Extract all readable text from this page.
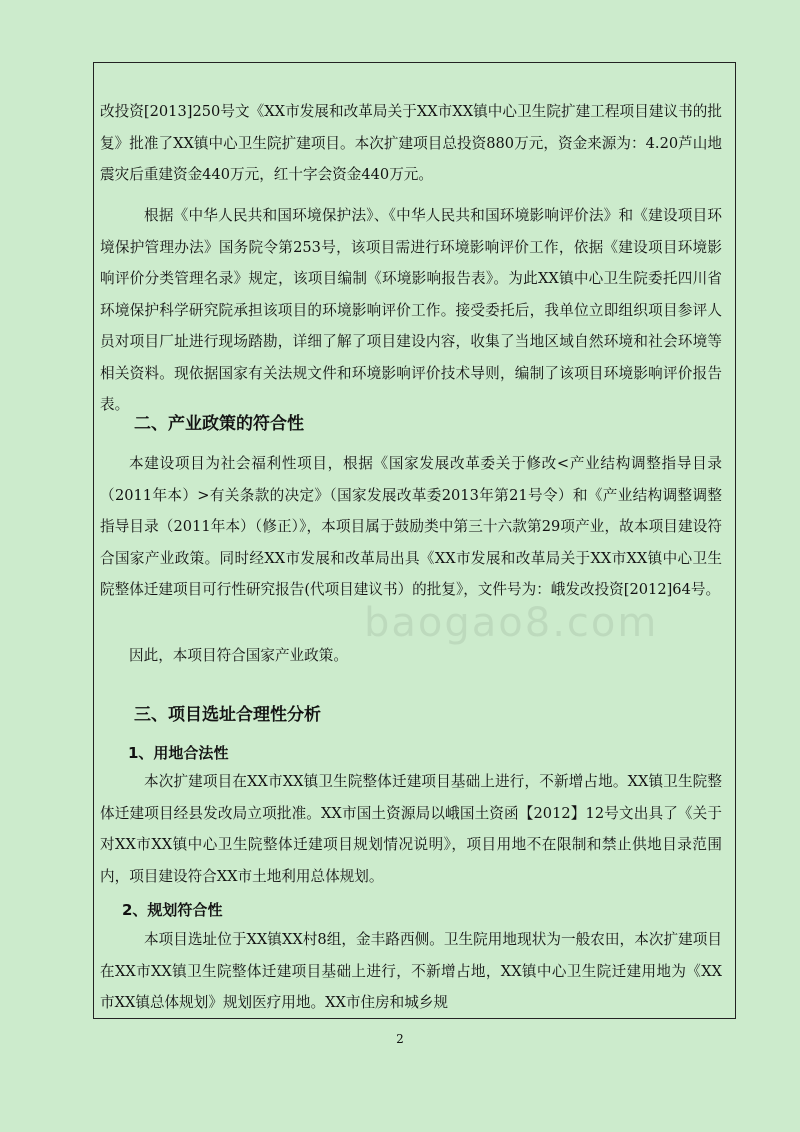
改投资[2013]250号文《XX市发展和改革局关于XX市XX镇中心卫生院扩建工程项目建议书的批复》批准了XX镇中心卫生院扩建项目。本次扩建项目总投资880万元，资金来源为：4.20芦山地震灾后重建资金440万元，红十字会资金440万元。

根据《中华人民共和国环境保护法》、《中华人民共和国环境影响评价法》和《建设项目环境保护管理办法》国务院令第253号，该项目需进行环境影响评价工作，依据《建设项目环境影响评价分类管理名录》规定，该项目编制《环境影响报告表》。为此XX镇中心卫生院委托四川省环境保护科学研究院承担该项目的环境影响评价工作。接受委托后，我单位立即组织项目参评人员对项目厂址进行现场踏勘，详细了解了项目建设内容，收集了当地区域自然环境和社会环境等相关资料。现依据国家有关法规文件和环境影响评价技术导则，编制了该项目环境影响评价报告表。

二、产业政策的符合性

本建设项目为社会福利性项目，根据《国家发展改革委关于修改<产业结构调整指导目录（2011年本）>有关条款的决定》（国家发展改革委2013年第21号令）和《产业结构调整调整指导目录（2011年本）（修正）》，本项目属于鼓励类中第三十六款第29项产业，故本项目建设符合国家产业政策。同时经XX市发展和改革局出具《XX市发展和改革局关于XX市XX镇中心卫生院整体迁建项目可行性研究报告(代项目建议书）的批复》，文件号为：峨发改投资[2012]64号。

因此，本项目符合国家产业政策。

三、项目选址合理性分析
1、用地合法性

本次扩建项目在XX市XX镇卫生院整体迁建项目基础上进行，不新增占地。XX镇卫生院整体迁建项目经县发改局立项批准。XX市国土资源局以峨国土资函【2012】12号文出具了《关于对XX市XX镇中心卫生院整体迁建项目规划情况说明》，项目用地不在限制和禁止供地目录范围内，项目建设符合XX市土地利用总体规划。

2、规划符合性

本项目选址位于XX镇XX村8组，金丰路西侧。卫生院用地现状为一般农田，本次扩建项目在XX市XX镇卫生院整体迁建项目基础上进行，不新增占地，XX镇中心卫生院迁建用地为《XX市XX镇总体规划》规划医疗用地。XX市住房和城乡规

baogao8.com
2
